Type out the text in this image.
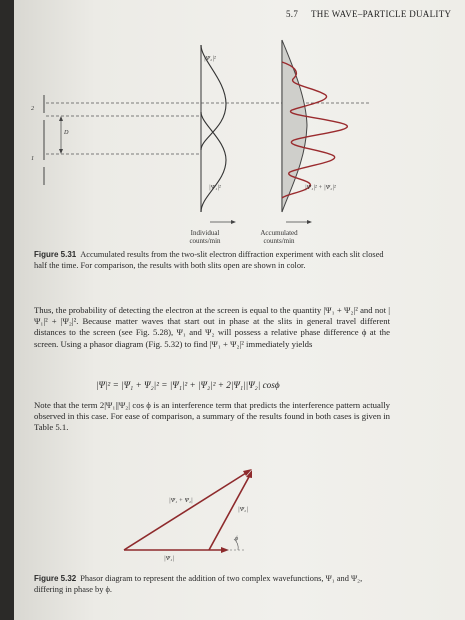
5.7 THE WAVE–PARTICLE DUALITY
2
D
1
|Ψ₂|²
|Ψ₁|²	|Ψ₁|² + |Ψ₂|²
Individual counts/min
Accumulated counts/min
Figure 5.31 Accumulated results from the two-slit electron diffraction experiment with each slit closed half the time. For comparison, the results with both slits open are shown in color.
Thus, the probability of detecting the electron at the screen is equal to the quantity |Ψ₁ + Ψ₂|² and not |Ψ₁|² + |Ψ₂|². Because matter waves that start out in phase at the slits in general travel different distances to the screen (see Fig. 5.28), Ψ₁ and Ψ₂ will possess a relative phase difference ϕ at the screen. Using a phasor diagram (Fig. 5.32) to find |Ψ₁ + Ψ₂|² immediately yields
|Ψ|² = |Ψ₁ + Ψ₂|² = |Ψ₁|² + |Ψ₂|² + 2|Ψ₁||Ψ₂| cosϕ
Note that the term 2|Ψ₁||Ψ₂| cos ϕ is an interference term that predicts the interference pattern actually observed in this case. For ease of comparison, a summary of the results found in both cases is given in Table 5.1.
|Ψ₁ + Ψ₂|
|Ψ₂|
|Ψ₁|
ϕ
Figure 5.32 Phasor diagram to represent the addition of two complex wavefunctions, Ψ₁ and Ψ₂, differing in phase by ϕ.
